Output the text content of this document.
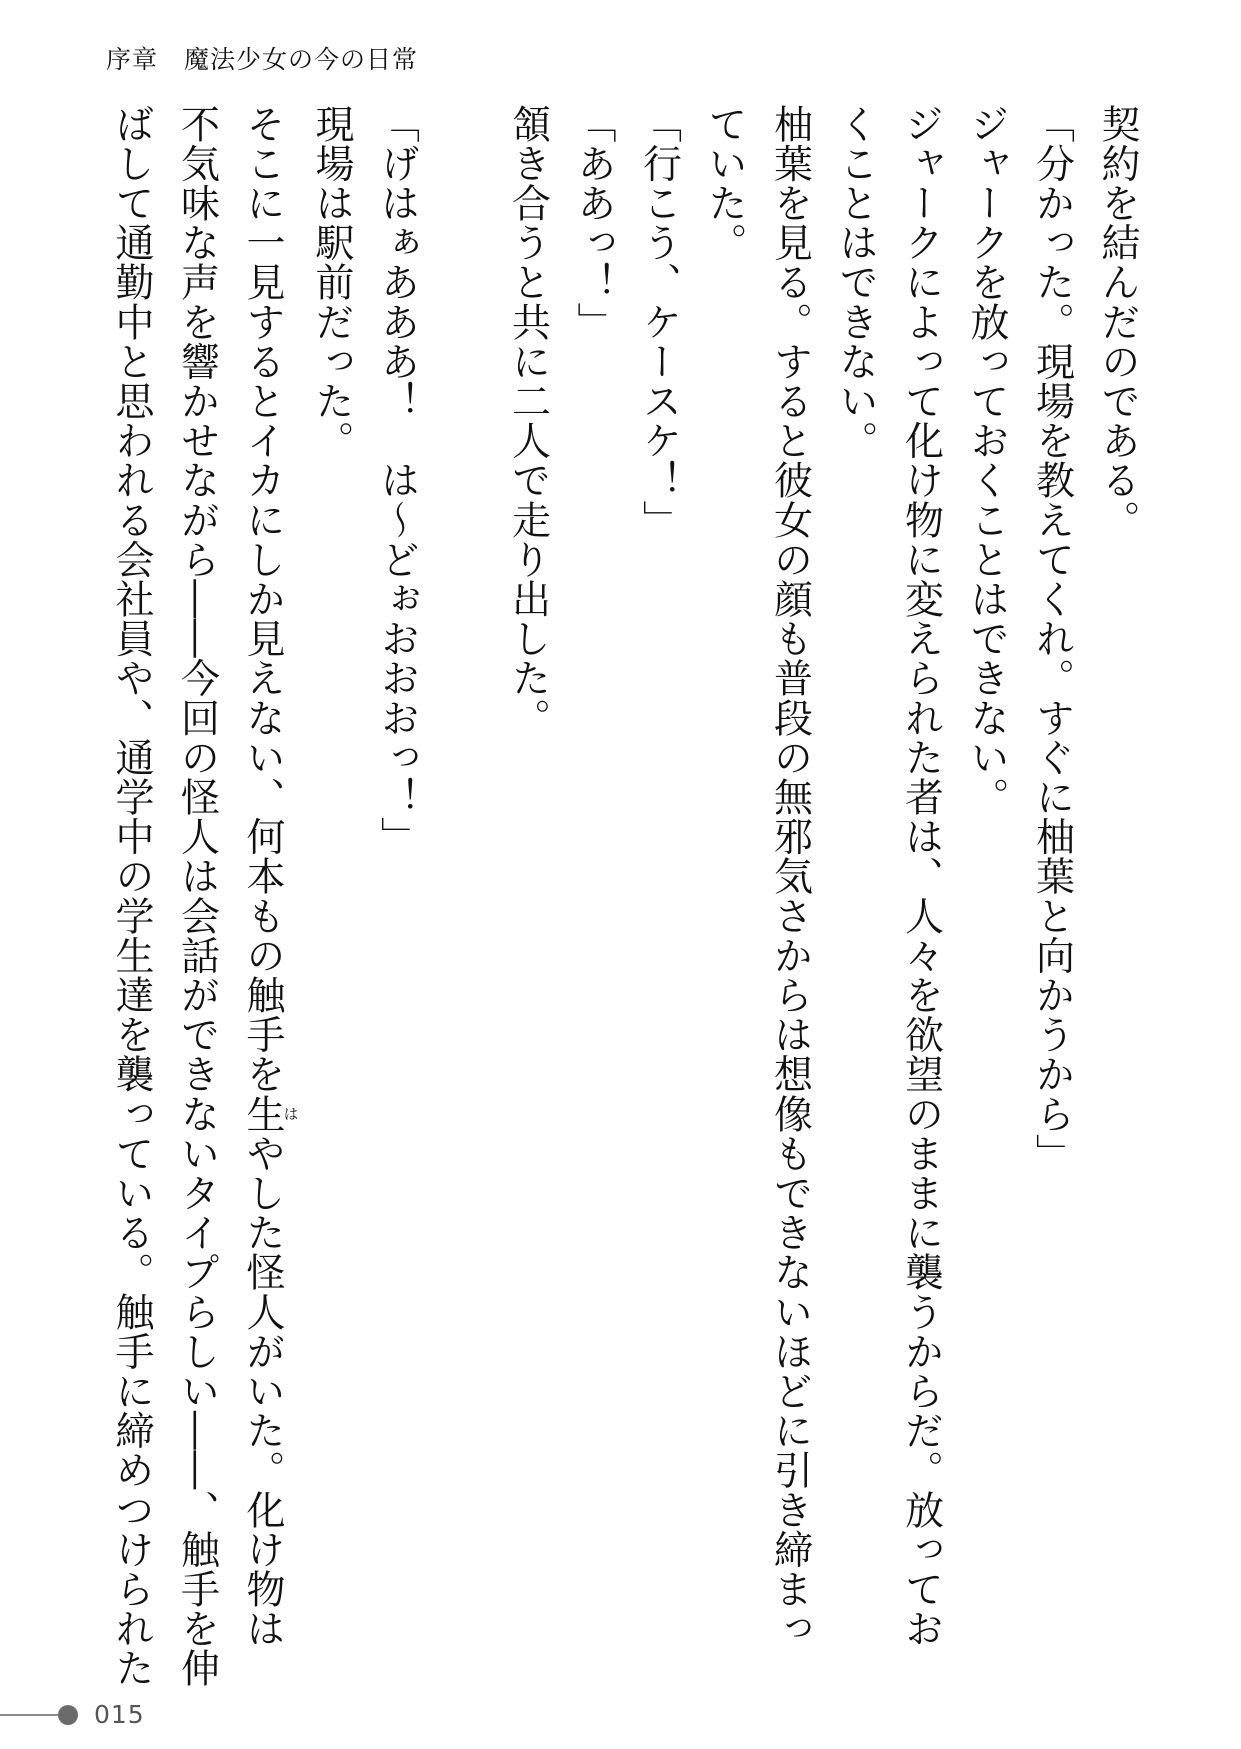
序章　魔法少女の今の日常
契約を結んだのである。
「分かった。現場を教えてくれ。すぐに柚葉と向かうから」
ジャークを放っておくことはできない。
ジャークによって化け物に変えられた者は、人々を欲望のままに襲うからだ。放ってお
くことはできない。
柚葉を見る。すると彼女の顔も普段の無邪気さからは想像もできないほどに引き締まっ
ていた。
「行こう、ケースケ！」
「ああっ！」
頷き合うと共に二人で走り出した。
「げはぁあああ！　は〜どぉおおおっ！」
現場は駅前だった。
そこに一見するとイカにしか見えない、何本もの触手を生はやした怪人がいた。化け物は
不気味な声を響かせながら――今回の怪人は会話ができないタイプらしい――、触手を伸
ばして通勤中と思われる会社員や、通学中の学生達を襲っている。触手に締めつけられた
015
